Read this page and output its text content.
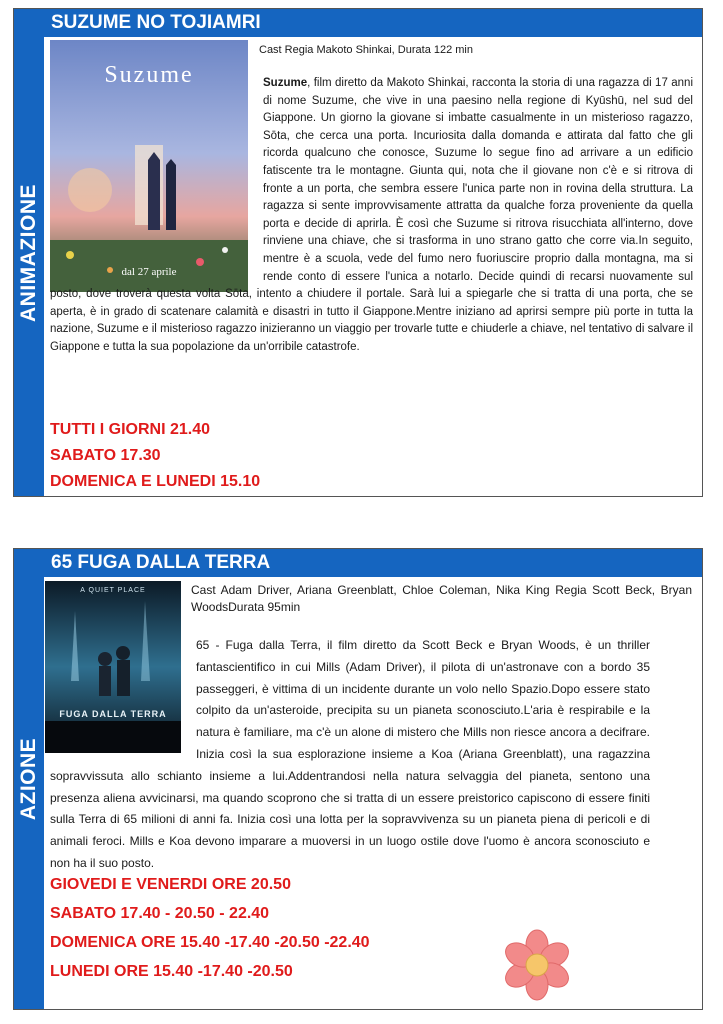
ANIMAZIONE
SUZUME NO TOJIAMRI
Suzume
dal 27 aprile
Cast Regia Makoto Shinkai, Durata 122 min

Suzume, film diretto da Makoto Shinkai, racconta la storia di una ragazza di 17 anni di nome Suzume, che vive in una paesino nella regione di Kyūshū, nel sud del Giappone. Un giorno la giovane si imbatte casualmente in un misterioso ragazzo, Sōta, che cerca una porta. Incuriosita dalla domanda e attirata dal fatto che gli ricorda qualcuno che conosce, Suzume lo segue fino ad arrivare a un edificio fatiscente tra le montagne. Giunta qui, nota che il giovane non c'è e si ritrova di fronte a un porta, che sembra essere l'unica parte non in rovina della struttura. La ragazza si sente improvvisamente attratta da qualche forza proveniente da quella porta e decide di aprirla. È così che Suzume si ritrova risucchiata all'interno, dove rinviene una chiave, che si trasforma in uno strano gatto che corre via.In seguito, mentre è a scuola, vede del fumo nero fuoriuscire proprio dalla montagna, ma si rende conto di essere l'unica a notarlo. Decide quindi di recarsi nuovamente sul posto, dove troverà questa volta Sōta, intento a chiudere il portale. Sarà lui a spiegarle che si tratta di una porta, che se aperta, è in grado di scatenare calamità e disastri in tutto il Giappone.Mentre iniziano ad aprirsi sempre più porte in tutta la nazione, Suzume e il misterioso ragazzo inizieranno un viaggio per trovarle tutte e chiuderle a chiave, nel tentativo di salvare il Giappone e tutta la sua popolazione da un'orribile catastrofe.

TUTTI I GIORNI 21.40
SABATO 17.30
DOMENICA E LUNEDI 15.10
AZIONE
65 FUGA DALLA TERRA
A QUIET PLACE
FUGA DALLA TERRA
Cast Adam Driver, Ariana Greenblatt, Chloe Coleman, Nika King Regia Scott Beck, Bryan WoodsDurata 95min

65 - Fuga dalla Terra, il film diretto da Scott Beck e Bryan Woods, è un thriller fantascientifico in cui Mills (Adam Driver), il pilota di un'astronave con a bordo 35 passeggeri, è vittima di un incidente durante un volo nello Spazio.Dopo essere stato colpito da un'asteroide, precipita su un pianeta sconosciuto.L'aria è respirabile e la natura è familiare, ma c'è un alone di mistero che Mills non riesce ancora a decifrare. Inizia così la sua esplorazione insieme a Koa (Ariana Greenblatt), una ragazzina sopravvissuta allo schianto insieme a lui.Addentrandosi nella natura selvaggia del pianeta, sentono una presenza aliena avvicinarsi, ma quando scoprono che si tratta di un essere preistorico capiscono di essere finiti sulla Terra di 65 milioni di anni fa. Inizia così una lotta per la sopravvivenza su un pianeta piena di pericoli e di animali feroci. Mills e Koa devono imparare a muoversi in un luogo ostile dove l'uomo è ancora sconosciuto e non ha il suo posto.

GIOVEDI E VENERDI ORE 20.50
SABATO 17.40 - 20.50 - 22.40
DOMENICA ORE 15.40 -17.40 -20.50 -22.40
LUNEDI ORE 15.40 -17.40 -20.50
